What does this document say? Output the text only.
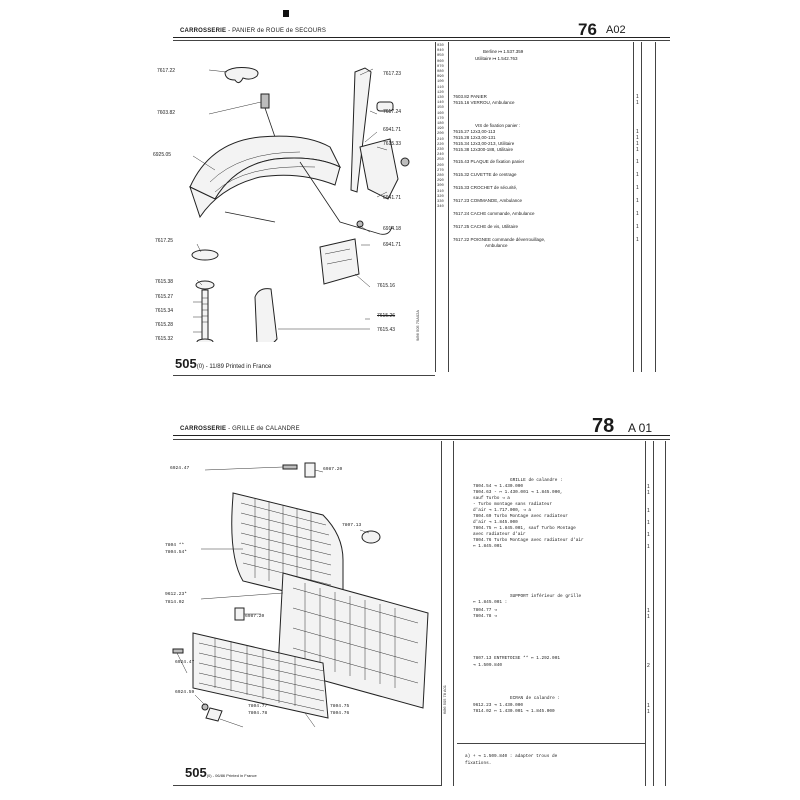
CARROSSERIE - PANIER de ROUE de SECOURS	76 A02
030
040
050
060
070
080
090
100
110
120
130
140
150
160
170
180
190
200
210
220
230
240
250
260
270
280
290
300
310
320
330
340
7617.22	7617.23
7603.82	7617.24
6941.71
7615.33
6925.05
6941.71
6914.18
7617.25
6941.71
7615.16
7615.38
7615.27
7615.34
7615.26
7615.28
7615.43
7615.32	9/86 505 75A02A
Berline ↦ 1.537.359
Utilitaire ↦ 1.542.763
7603.82 PANIER	1
7615.16 VERROU, Ambulance	1
VIS de fixation panier :
7615.27 12x3,00-113	1
7615.28 12x3,00-131	1
7615.34 12x3,00-213, Utilitaire	1
7615.38 12x300-188, Utilitaire	1
7615.43 PLAQUE de fixation panier	1
7615.32 CUVETTE de centrage	1
7615.33 CROCHET de sécurité,	1
7617.23 COMMANDE, Ambulance	1
7617.24 CACHE commande, Ambulance	1
7617.25 CACHE de vis, Utilitaire	1
7617.22 POIGNEE commande déverrouillage,	1
Ambulance
505(0) - 11/89 Printed in France
CARROSSERIE - GRILLE de CALANDRE	78 A 01
6924.47	6987.20
7807.13
7804 **
7804.54*
9612.23*
7814.02
6987.20
6924.47
6924.59
7804.77
7804.78
7804.75
7804.76	6/86 505 78 A01
GRILLE de calandre :
7804.54 ⇥ 1.430.000	1
7804.63 - ↦ 1.430.001 ⇥ 1.845.000,	1
sauf Turbo ◅ a
- Turbo montage sans radiateur
d'air ⇥ 1.717.000, ◅ a	1
7804.69 Turbo Montage avec radiateur
d'air ⇥ 1.845.000	1
7804.75 ↦ 1.845.001, sauf Turbo Montage
avec radiateur d'air	1
7804.76 Turbo Montage avec radiateur d'air
↦ 1.845.001	1
SUPPORT inférieur de grille
↦ 1.845.001 :
7804.77 ◅	1
7804.78 ◅	1
7807.13 ENTRETOISE ** ↦ 1.292.001
⇥ 1.509.840	2
ECRAN de calandre :
9612.23 ⇥ 1.430.000	1
7814.02 ↦ 1.430.001 ⇥ 1.845.000	1
a) + ⇥ 1.509.840 : adapter trous de
fixations.
505(0) - 06/86 Printed in France
